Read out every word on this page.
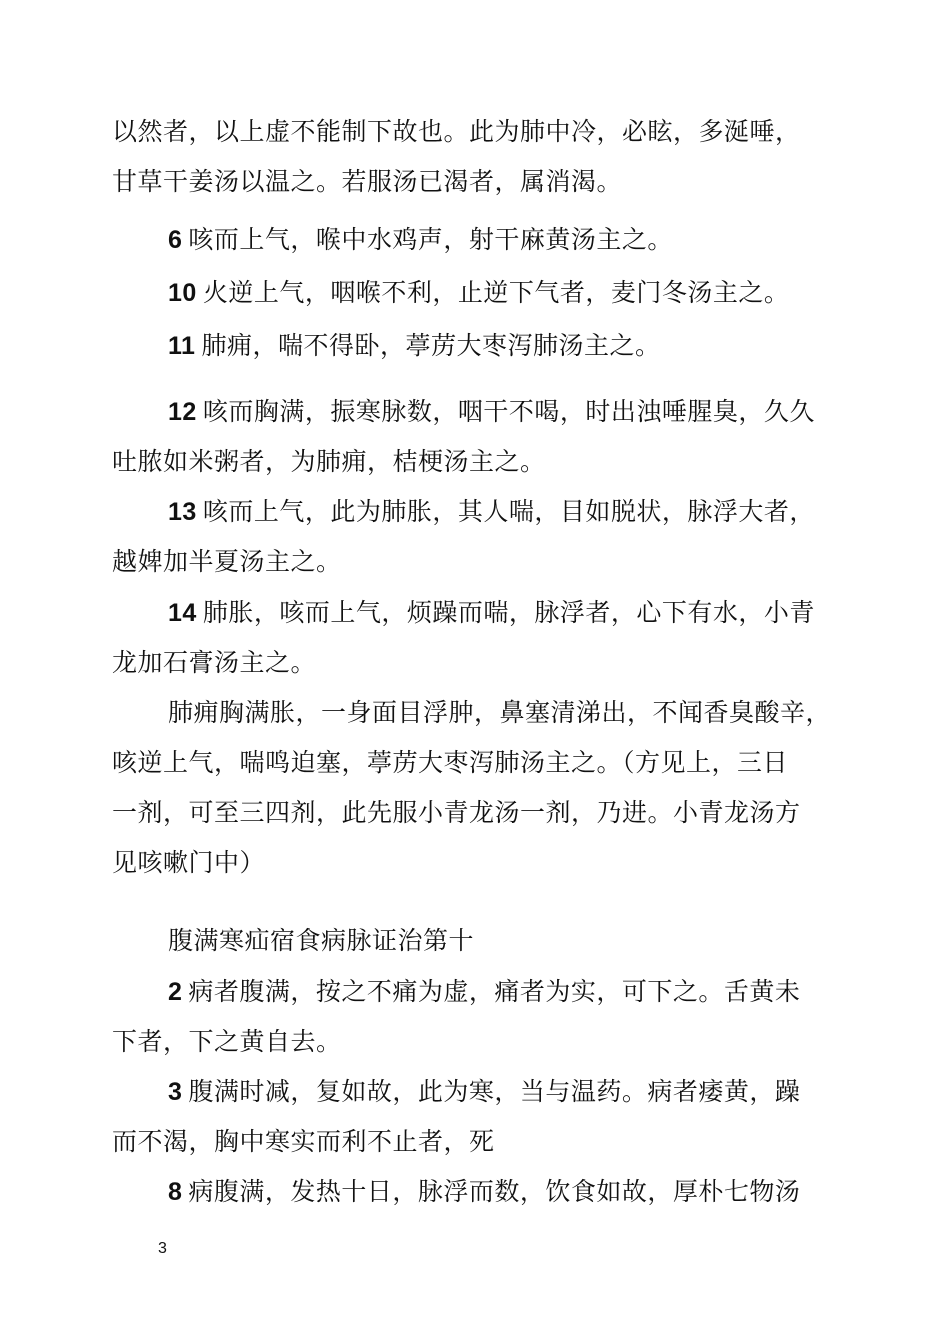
以然者，以上虚不能制下故也。此为肺中冷，必眩，多涎唾，
甘草干姜汤以温之。若服汤已渴者，属消渴。
6 咳而上气，喉中水鸡声，射干麻黄汤主之。
10 火逆上气，咽喉不利，止逆下气者，麦门冬汤主之。
11 肺痈，喘不得卧，葶苈大枣泻肺汤主之。
12 咳而胸满，振寒脉数，咽干不喝，时出浊唾腥臭，久久
吐脓如米粥者，为肺痈，桔梗汤主之。
13 咳而上气，此为肺胀，其人喘，目如脱状，脉浮大者，
越婢加半夏汤主之。
14 肺胀，咳而上气，烦躁而喘，脉浮者，心下有水，小青
龙加石膏汤主之。
肺痈胸满胀，一身面目浮肿，鼻塞清涕出，不闻香臭酸辛，
咳逆上气，喘鸣迫塞，葶苈大枣泻肺汤主之。（方见上，三日
一剂，可至三四剂，此先服小青龙汤一剂，乃进。小青龙汤方
见咳嗽门中）
腹满寒疝宿食病脉证治第十
2 病者腹满，按之不痛为虚，痛者为实，可下之。舌黄未
下者，下之黄自去。
3 腹满时减，复如故，此为寒，当与温药。病者痿黄，躁
而不渴，胸中寒实而利不止者，死
8 病腹满，发热十日，脉浮而数，饮食如故，厚朴七物汤
3
